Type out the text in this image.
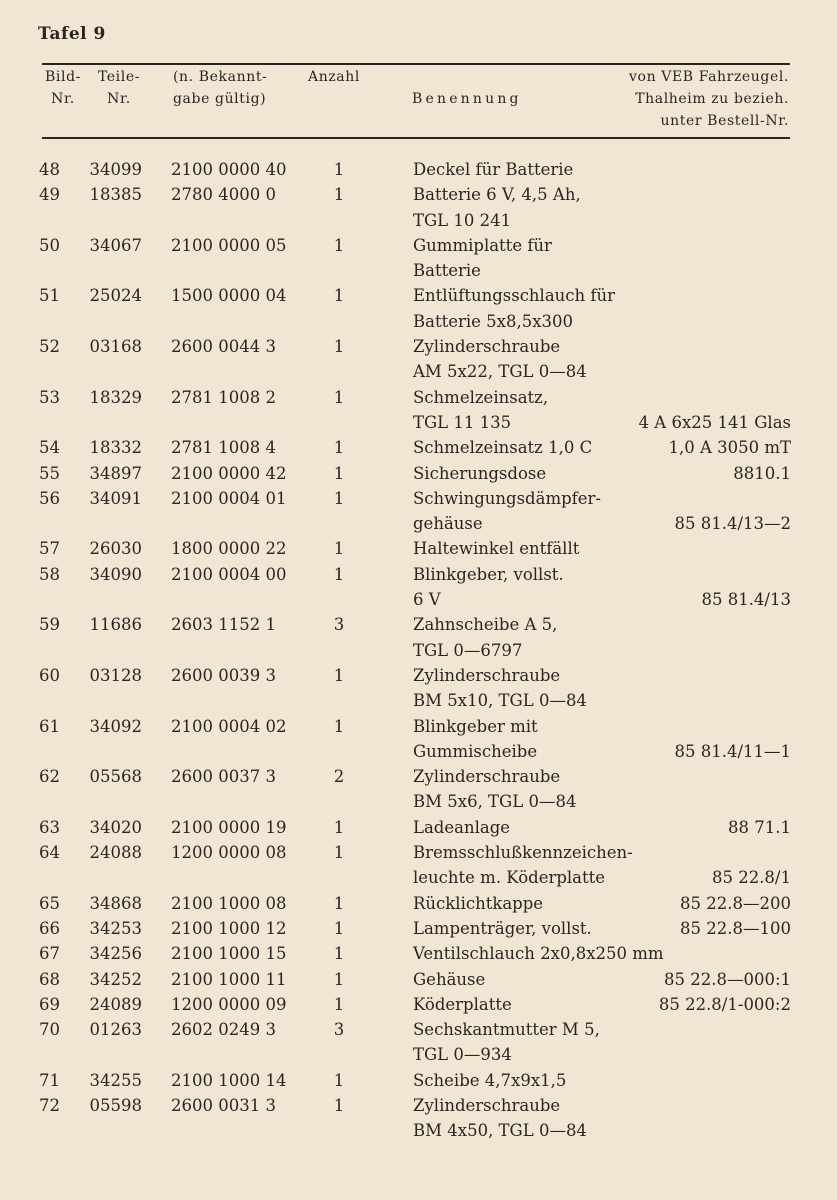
Tafel 9
Bild-
Nr.
Teile-
Nr.
(n. Bekannt-
gabe gültig)
Anzahl
Benennung
von VEB Fahrzeugel.
Thalheim zu bezieh.
unter Bestell-Nr.
48	34099 2100 0000 40	1	Deckel für Batterie
49	18385 2780 4000 0	1	Batterie 6 V, 4,5 Ah,
TGL 10 241
50	34067 2100 0000 05	1	Gummiplatte für
Batterie
51	25024 1500 0000 04	1	Entlüftungsschlauch für
Batterie 5x8,5x300
52	03168 2600 0044 3	1	Zylinderschraube
AM 5x22, TGL 0—84
53	18329 2781 1008 2	1	Schmelzeinsatz,
TGL 11 135	4 A 6x25 141 Glas
54	18332 2781 1008 4	1	Schmelzeinsatz 1,0 C	1,0 A 3050 mT
55	34897 2100 0000 42	1	Sicherungsdose	8810.1
56	34091 2100 0004 01	1	Schwingungsdämpfer-
gehäuse	85 81.4/13—2
57	26030 1800 0000 22	1	Haltewinkel entfällt
58	34090 2100 0004 00	1	Blinkgeber, vollst.
6 V	85 81.4/13
59	11686 2603 1152 1	3	Zahnscheibe A 5,
TGL 0—6797
60	03128 2600 0039 3	1	Zylinderschraube
BM 5x10, TGL 0—84
61	34092 2100 0004 02	1	Blinkgeber mit
Gummischeibe	85 81.4/11—1
62	05568 2600 0037 3	2	Zylinderschraube
BM 5x6, TGL 0—84
63	34020 2100 0000 19	1	Ladeanlage	88 71.1
64	24088 1200 0000 08	1	Bremsschlußkennzeichen-
leuchte m. Köderplatte	85 22.8/1
65	34868 2100 1000 08	1	Rücklichtkappe	85 22.8—200
66	34253 2100 1000 12	1	Lampenträger, vollst.	85 22.8—100
67	34256 2100 1000 15	1	Ventilschlauch 2x0,8x250 mm
68	34252 2100 1000 11	1	Gehäuse	85 22.8—000:1
69	24089 1200 0000 09	1	Köderplatte	85 22.8/1-000:2
70	01263 2602 0249 3	3	Sechskantmutter M 5,
TGL 0—934
71	34255 2100 1000 14	1	Scheibe 4,7x9x1,5
72	05598 2600 0031 3	1	Zylinderschraube
BM 4x50, TGL 0—84
